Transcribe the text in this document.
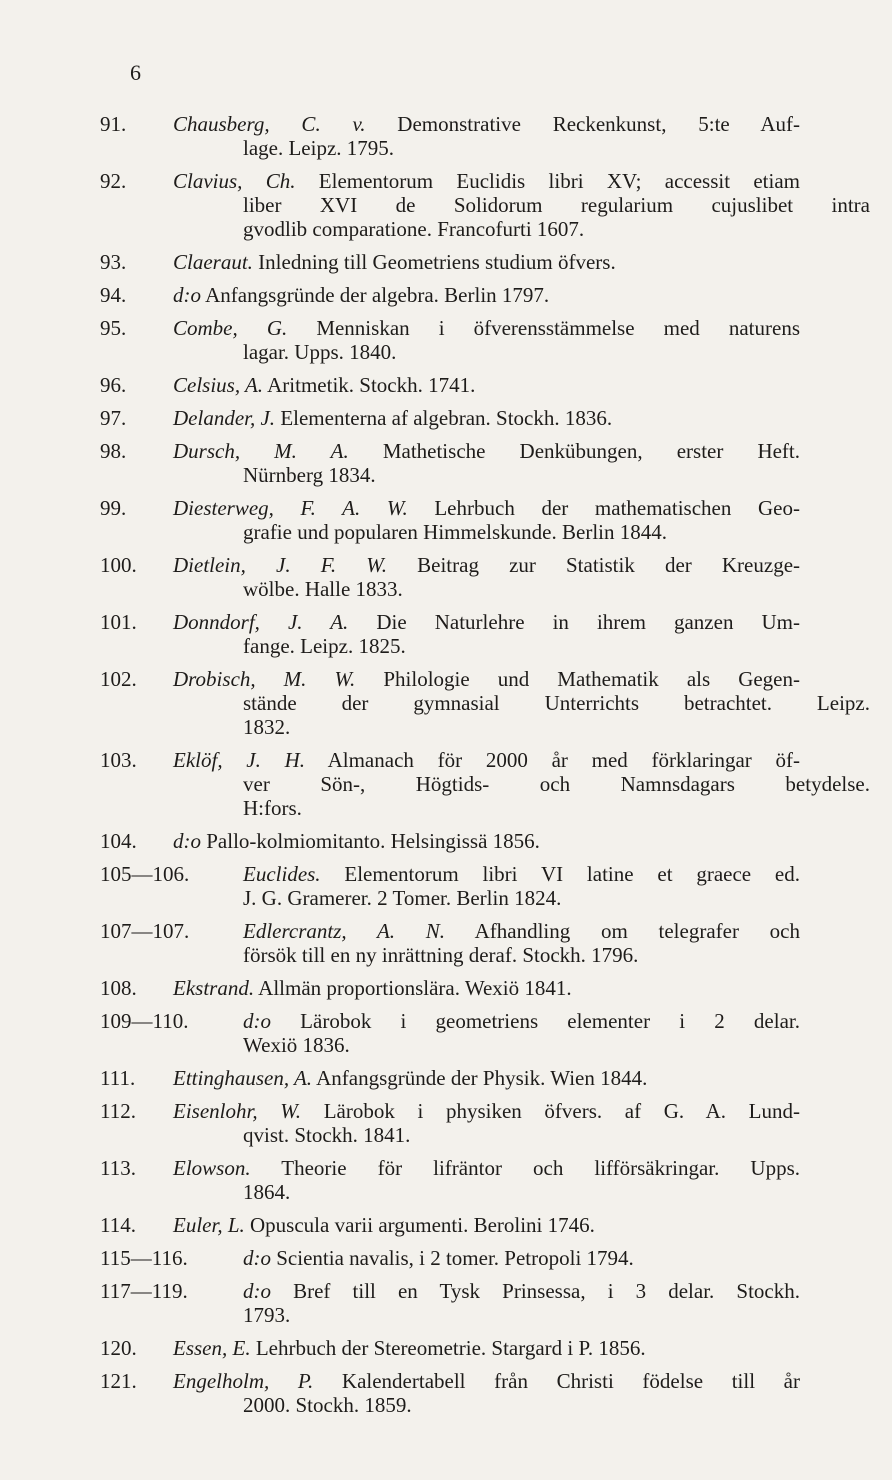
6
91. Chausberg, C. v. Demonstrative Reckenkunst, 5:te Auf-
lage. Leipz. 1795.
92. Clavius, Ch. Elementorum Euclidis libri XV; accessit etiam
liber XVI de Solidorum regularium cujuslibet intra
gvodlib comparatione. Francofurti 1607.
93. Claeraut. Inledning till Geometriens studium öfvers.
94. d:o Anfangsgründe der algebra. Berlin 1797.
95. Combe, G. Menniskan i öfverensstämmelse med naturens
lagar. Upps. 1840.
96. Celsius, A. Aritmetik. Stockh. 1741.
97. Delander, J. Elementerna af algebran. Stockh. 1836.
98. Dursch, M. A. Mathetische Denkübungen, erster Heft.
Nürnberg 1834.
99. Diesterweg, F. A. W. Lehrbuch der mathematischen Geo-
grafie und popularen Himmelskunde. Berlin 1844.
100. Dietlein, J. F. W. Beitrag zur Statistik der Kreuzge-
wölbe. Halle 1833.
101. Donndorf, J. A. Die Naturlehre in ihrem ganzen Um-
fange. Leipz. 1825.
102. Drobisch, M. W. Philologie und Mathematik als Gegen-
stände der gymnasial Unterrichts betrachtet. Leipz.
1832.
103. Eklöf, J. H. Almanach för 2000 år med förklaringar öf-
ver Sön-, Högtids- och Namnsdagars betydelse.
H:fors.
104. d:o Pallo-kolmiomitanto. Helsingissä 1856.
105—106.	Euclides. Elementorum libri VI latine et graece ed.
J. G. Gramerer. 2 Tomer. Berlin 1824.
107—107.	Edlercrantz, A. N. Afhandling om telegrafer och
försök till en ny inrättning deraf. Stockh. 1796.
108. Ekstrand. Allmän proportionslära. Wexiö 1841.
109—110.	d:o Lärobok i geometriens elementer i 2 delar.
Wexiö 1836.
111. Ettinghausen, A. Anfangsgründe der Physik. Wien 1844.
112. Eisenlohr, W. Lärobok i physiken öfvers. af G. A. Lund-
qvist. Stockh. 1841.
113. Elowson. Theorie för lifräntor och lifförsäkringar. Upps.
1864.
114. Euler, L. Opuscula varii argumenti. Berolini 1746.
115—116.	d:o Scientia navalis, i 2 tomer. Petropoli 1794.
117—119.	d:o Bref till en Tysk Prinsessa, i 3 delar. Stockh.
1793.
120. Essen, E. Lehrbuch der Stereometrie. Stargard i P. 1856.
121. Engelholm, P. Kalendertabell från Christi födelse till år
2000. Stockh. 1859.
